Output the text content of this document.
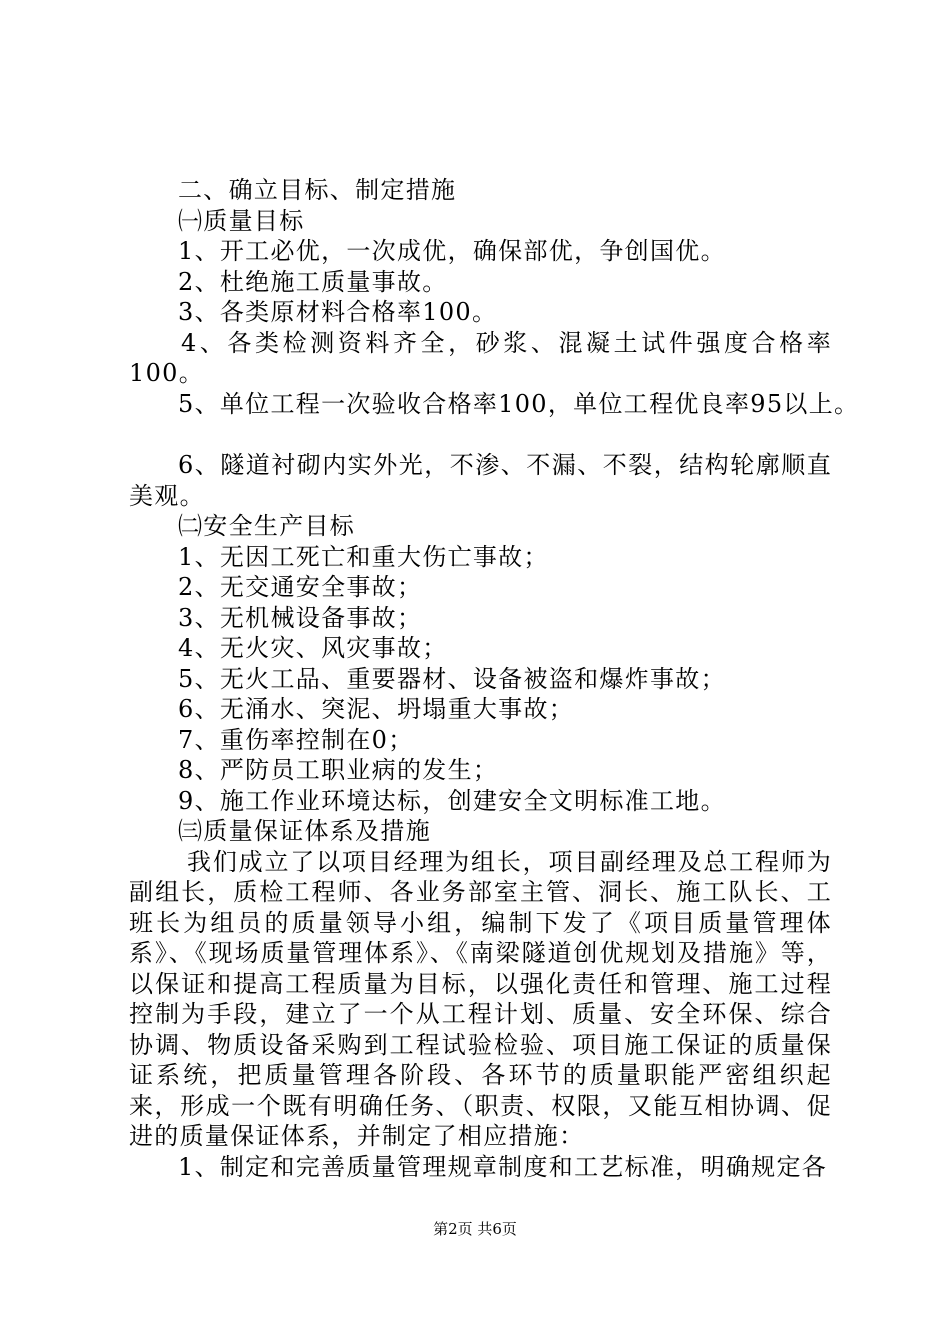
二、确立目标、制定措施

㈠质量目标

1、开工必优，一次成优，确保部优，争创国优。

2、杜绝施工质量事故。

3、各类原材料合格率100。

4、各类检测资料齐全，砂浆、混凝土试件强度合格率100。

5、单位工程一次验收合格率100，单位工程优良率95以上。

6、隧道衬砌内实外光，不渗、不漏、不裂，结构轮廓顺直美观。

㈡安全生产目标

1、无因工死亡和重大伤亡事故；

2、无交通安全事故；

3、无机械设备事故；

4、无火灾、风灾事故；

5、无火工品、重要器材、设备被盗和爆炸事故；

6、无涌水、突泥、坍塌重大事故；

7、重伤率控制在0；

8、严防员工职业病的发生；

9、施工作业环境达标，创建安全文明标准工地。

㈢质量保证体系及措施

我们成立了以项目经理为组长，项目副经理及总工程师为副组长，质检工程师、各业务部室主管、洞长、施工队长、工班长为组员的质量领导小组，编制下发了《项目质量管理体系》、《现场质量管理体系》、《南梁隧道创优规划及措施》等，以保证和提高工程质量为目标，以强化责任和管理、施工过程控制为手段，建立了一个从工程计划、质量、安全环保、综合协调、物质设备采购到工程试验检验、项目施工保证的质量保证系统，把质量管理各阶段、各环节的质量职能严密组织起来，形成一个既有明确任务、（职责、权限，又能互相协调、促进的质量保证体系，并制定了相应措施：

1、制定和完善质量管理规章制度和工艺标准，明确规定各

第2页 共6页
